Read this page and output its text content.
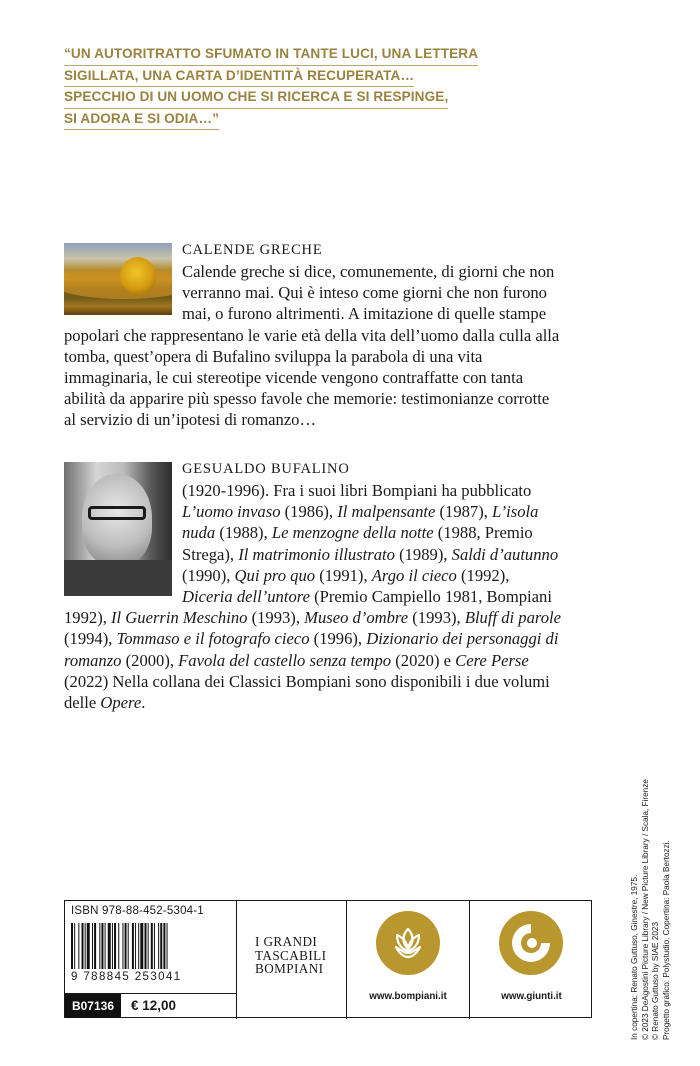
“UN AUTORITRATTO SFUMATO IN TANTE LUCI, UNA LETTERA
SIGILLATA, UNA CARTA D’IDENTITÀ RECUPERATA…
SPECCHIO DI UN UOMO CHE SI RICERCA E SI RESPINGE,
SI ADORA E SI ODIA…”
CALENDE GRECHE
Calende greche si dice, comunemente, di giorni che non verranno mai. Qui è inteso come giorni che non furono mai, o furono altrimenti. A imitazione di quelle stampe popolari che rappresentano le varie età della vita dell’uomo dalla culla alla tomba, quest’opera di Bufalino sviluppa la parabola di una vita immaginaria, le cui stereotipe vicende vengono contraffatte con tanta abilità da apparire più spesso favole che memorie: testimonianze corrotte al servizio di un’ipotesi di romanzo…
GESUALDO BUFALINO
(1920-1996). Fra i suoi libri Bompiani ha pubblicato L’uomo invaso (1986), Il malpensante (1987), L’isola nuda (1988), Le menzogne della notte (1988, Premio Strega), Il matrimonio illustrato (1989), Saldi d’autunno (1990), Qui pro quo (1991), Argo il cieco (1992), Diceria dell’untore (Premio Campiello 1981, Bompiani 1992), Il Guerrin Meschino (1993), Museo d’ombre (1993), Bluff di parole (1994), Tommaso e il fotografo cieco (1996), Dizionario dei personaggi di romanzo (2000), Favola del castello senza tempo (2020) e Cere Perse (2022) Nella collana dei Classici Bompiani sono disponibili i due volumi delle Opere.
ISBN 978-88-452-5304-1
9 788845 253041
B07136	€ 12,00
I GRANDI
TASCABILI
BOMPIANI
www.bompiani.it	www.giunti.it	In copertina: Renato Guttuso, Ginestre, 1975. © 2023 DeAgostini Picture Library / New Picture Library / Scala, Firenze © Renato Guttuso by SIAE 2023 Progetto grafico: Polystudio. Copertina: Paola Bertozzi.
